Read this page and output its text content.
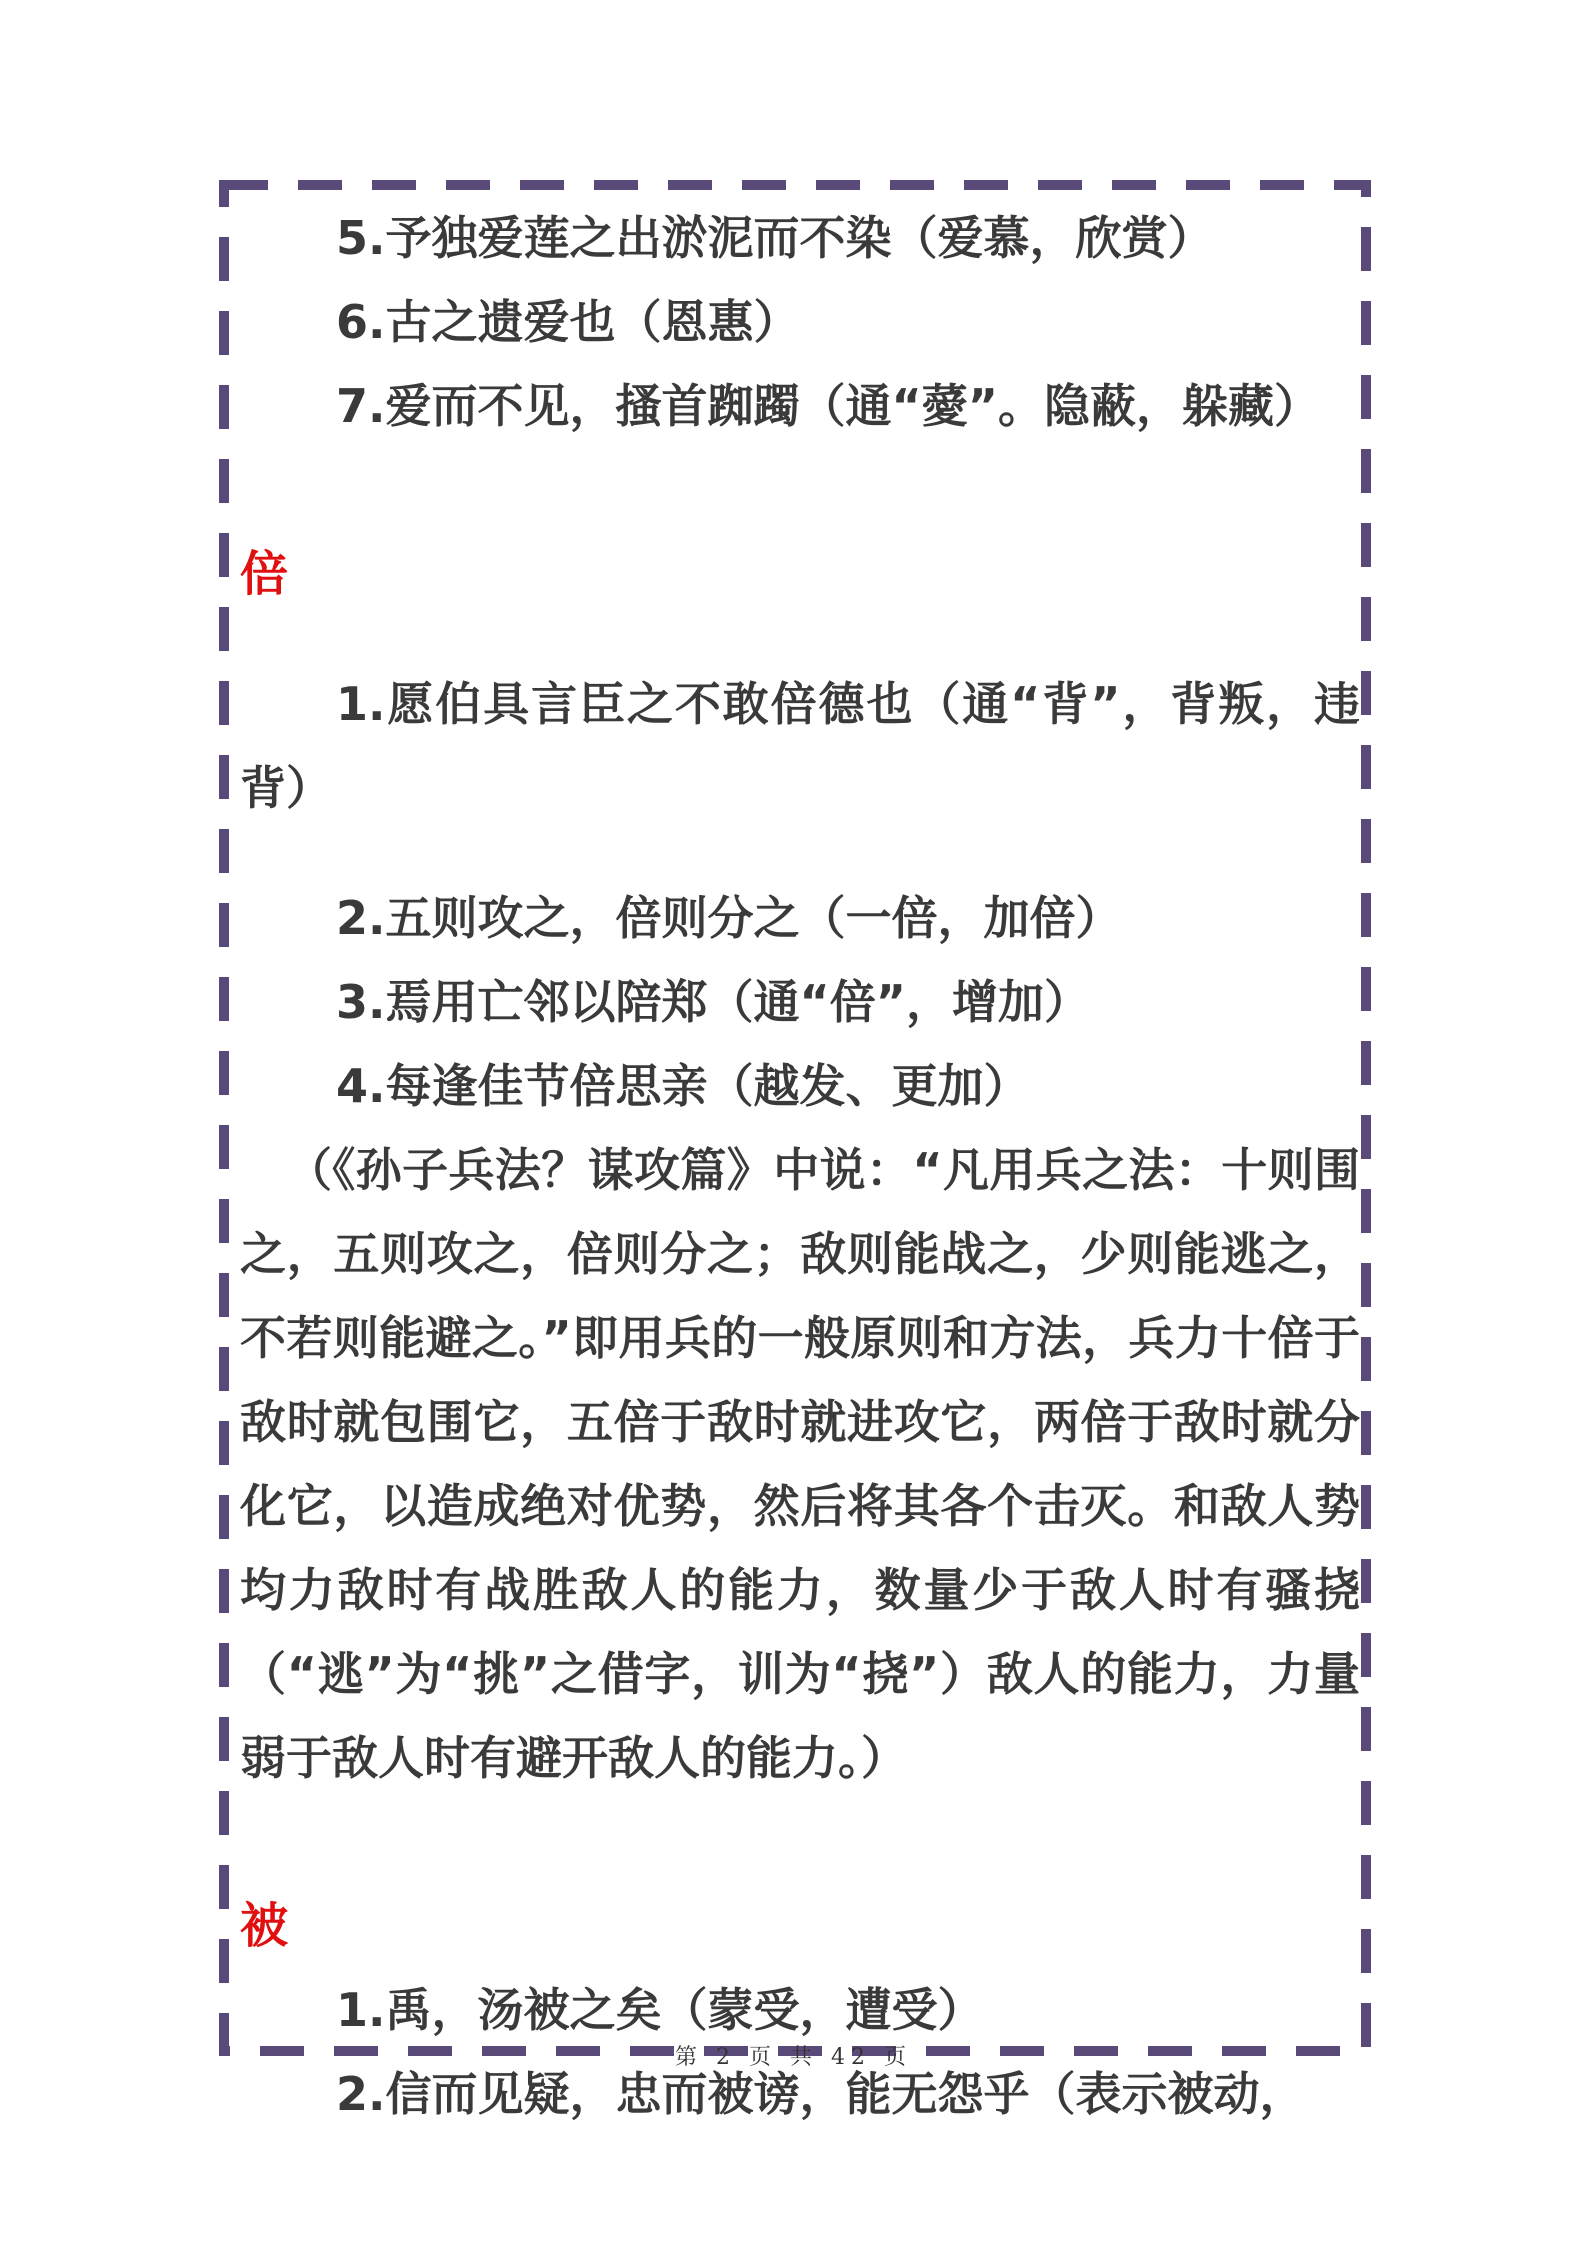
5.予独爱莲之出淤泥而不染（爱慕，欣赏）

6.古之遗爱也（恩惠）

7.爱而不见，搔首踟躅（通“薆”。隐蔽，躲藏）

倍

1.愿伯具言臣之不敢倍德也（通“背”，背叛，违背）

2.五则攻之，倍则分之（一倍，加倍）

3.焉用亡邻以陪郑（通“倍”，增加）

4.每逢佳节倍思亲（越发、更加）

（《孙子兵法？谋攻篇》中说：“凡用兵之法：十则围之，五则攻之，倍则分之；敌则能战之，少则能逃之，不若则能避之。”即用兵的一般原则和方法，兵力十倍于敌时就包围它，五倍于敌时就进攻它，两倍于敌时就分化它，以造成绝对优势，然后将其各个击灭。和敌人势均力敌时有战胜敌人的能力，数量少于敌人时有骚挠（“逃”为“挑”之借字，训为“挠”）敌人的能力，力量弱于敌人时有避开敌人的能力。）

被

1.禹，汤被之矣（蒙受，遭受）

2.信而见疑，忠而被谤，能无怨乎（表示被动，

第 2 页 共 42 页
